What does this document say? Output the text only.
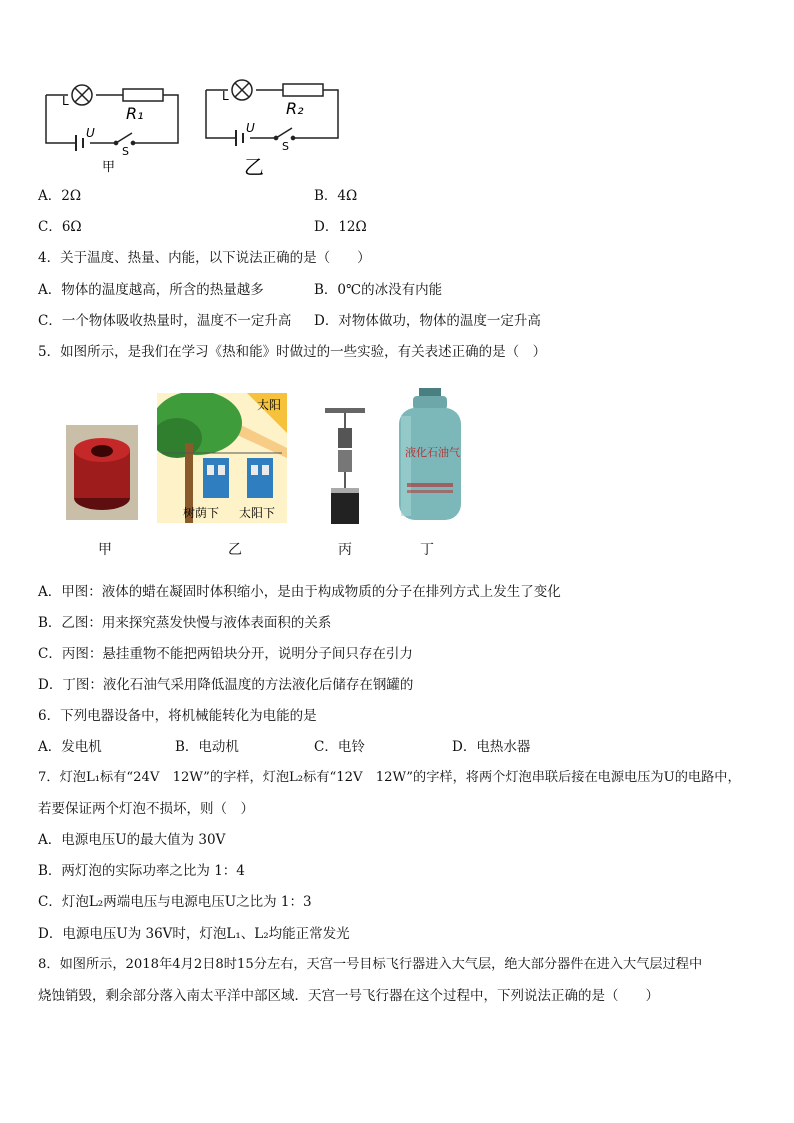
L
R₁
U
S
甲
L
R₂
U
S
乙
A．2Ω	B．4Ω
C．6Ω	D．12Ω
4．关于温度、热量、内能，以下说法正确的是（　　）
A．物体的温度越高，所含的热量越多	B．0℃的冰没有内能
C．一个物体吸收热量时，温度不一定升高 D．对物体做功，物体的温度一定升高
5．如图所示，是我们在学习《热和能》时做过的一些实验，有关表述正确的是（　）
太阳
树荫下 太阳下
液化石油气
甲	乙	丙	丁
A．甲图：液体的蜡在凝固时体积缩小，是由于构成物质的分子在排列方式上发生了变化
B．乙图：用来探究蒸发快慢与液体表面积的关系
C．丙图：悬挂重物不能把两铅块分开，说明分子间只存在引力
D．丁图：液化石油气采用降低温度的方法液化后储存在钢罐的
6．下列电器设备中，将机械能转化为电能的是
A．发电机	B．电动机	C．电铃	D．电热水器
7．灯泡L₁标有“24V　12W”的字样，灯泡L₂标有“12V　12W”的字样，将两个灯泡串联后接在电源电压为U的电路中，
若要保证两个灯泡不损坏，则（　）
A．电源电压U的最大值为 30V
B．两灯泡的实际功率之比为 1：4
C．灯泡L₂两端电压与电源电压U之比为 1：3
D．电源电压U为 36V时，灯泡L₁、L₂均能正常发光
8．如图所示，2018年4月2日8时15分左右，天宫一号目标飞行器进入大气层，绝大部分器件在进入大气层过程中
烧蚀销毁，剩余部分落入南太平洋中部区域．天宫一号飞行器在这个过程中，下列说法正确的是（　　）
